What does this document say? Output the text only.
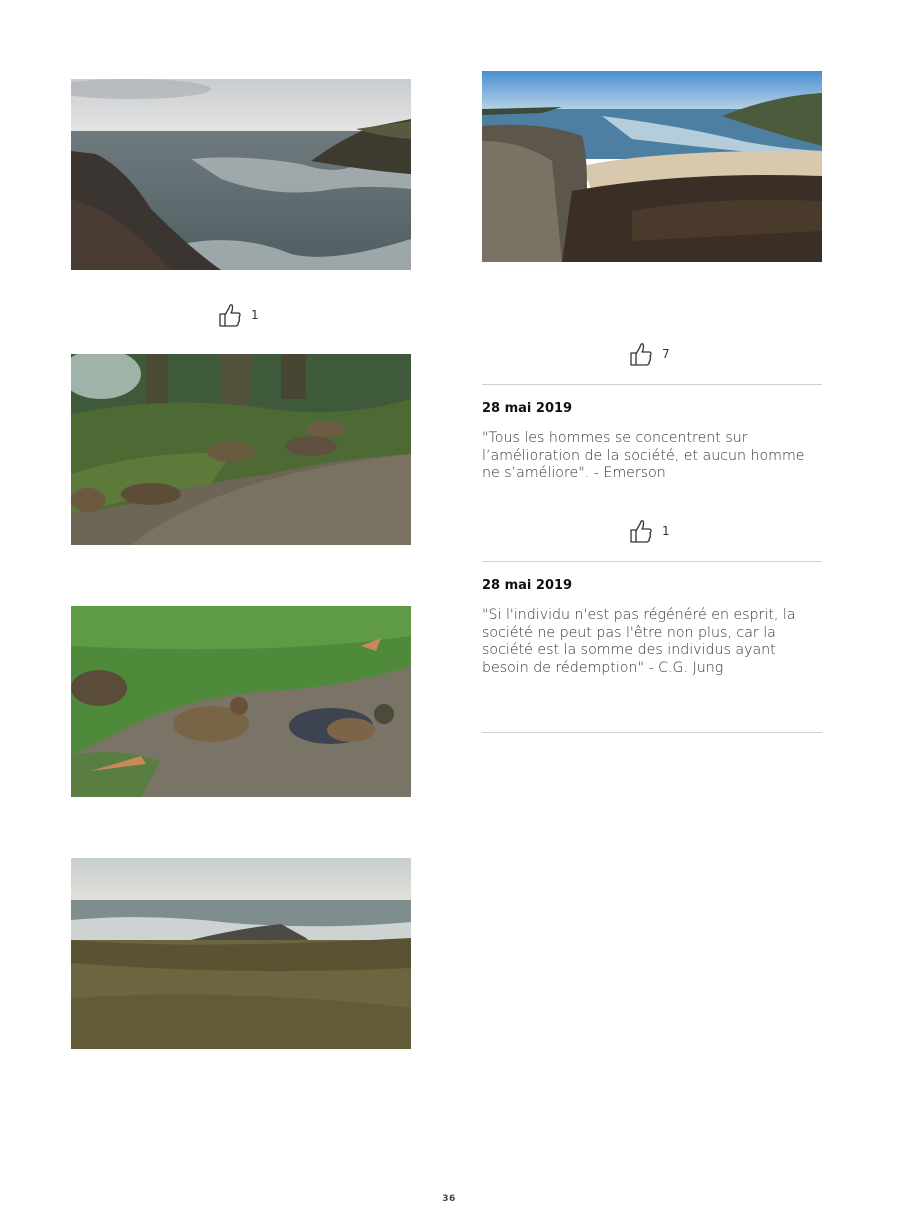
1
7
28 mai 2019
"Tous les hommes se concentrent sur l’amélioration de la société, et aucun homme ne s’améliore". - Emerson
1
28 mai 2019
"Si l'individu n'est pas régénéré en esprit, la société ne peut pas l'être non plus, car la société est la somme des individus ayant besoin de rédemption" - C.G. Jung
36
